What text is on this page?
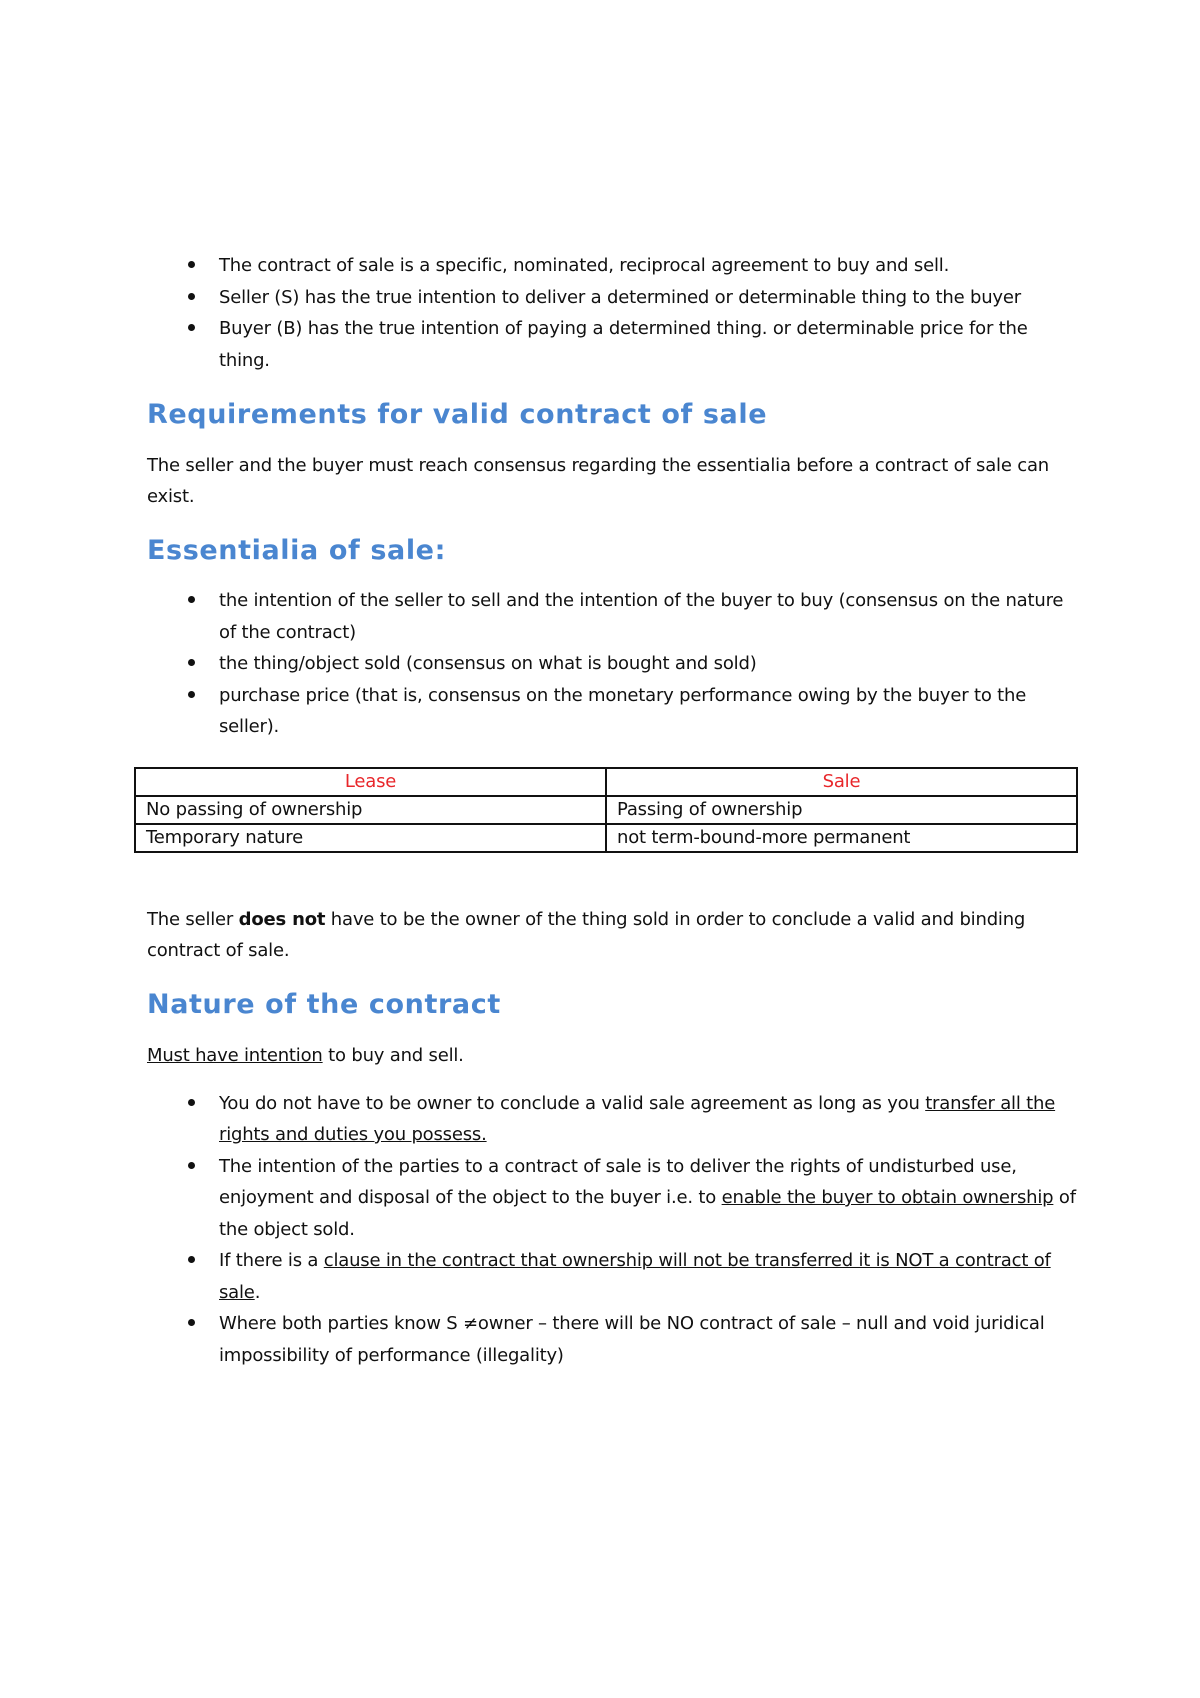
The contract of sale is a specific, nominated, reciprocal agreement to buy and sell.
Seller (S) has the true intention to deliver a determined or determinable thing to the buyer
Buyer (B) has the true intention of paying a determined thing. or determinable price for the thing.
Requirements for valid contract of sale

The seller and the buyer must reach consensus regarding the essentialia before a contract of sale can exist.

Essentialia of sale:
the intention of the seller to sell and the intention of the buyer to buy (consensus on the nature of the contract)
the thing/object sold (consensus on what is bought and sold)
purchase price (that is, consensus on the monetary performance owing by the buyer to the seller).
Lease	Sale
No passing of ownership	Passing of ownership
Temporary nature	not term-bound-more permanent

The seller does not have to be the owner of the thing sold in order to conclude a valid and binding contract of sale.

Nature of the contract

Must have intention to buy and sell.

You do not have to be owner to conclude a valid sale agreement as long as you transfer all the rights and duties you possess.
The intention of the parties to a contract of sale is to deliver the rights of undisturbed use, enjoyment and disposal of the object to the buyer i.e. to enable the buyer to obtain ownership of the object sold.
If there is a clause in the contract that ownership will not be transferred it is NOT a contract of sale.
Where both parties know S ≠owner – there will be NO contract of sale – null and void juridical impossibility of performance (illegality)
